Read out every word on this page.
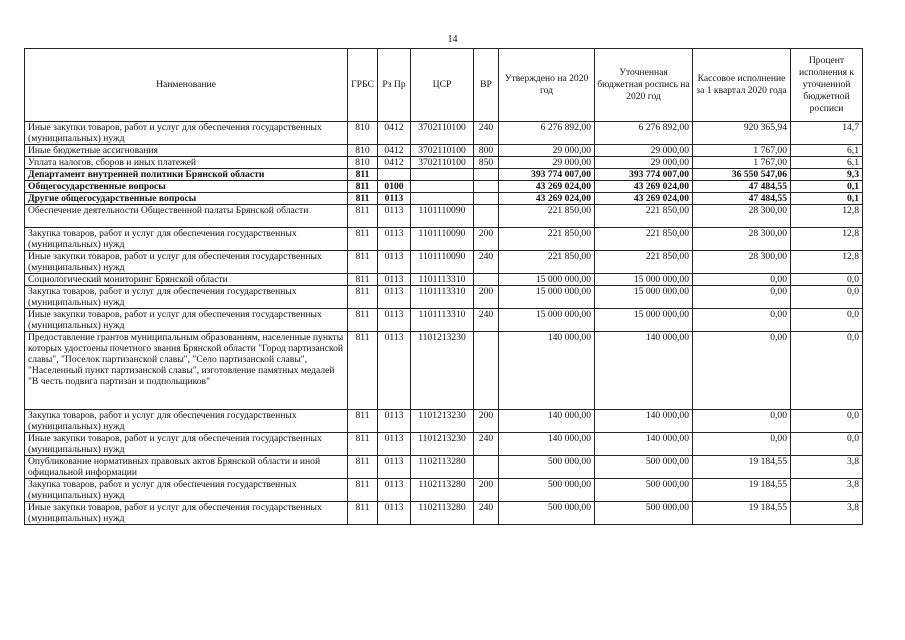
14
Наименование	ГРБС	Рз Пр	ЦСР	ВР	Утверждено на 2020 год	Уточненная бюджетная роспись на 2020 год	Кассовое исполнение за 1 квартал 2020 года	Процент исполнения к уточненной бюджетной росписи
Иные закупки товаров, работ и услуг для обеспечения государственных (муниципальных) нужд	810	0412	3702110100	240	6 276 892,00	6 276 892,00	920 365,94	14,7
Иные бюджетные ассигнования	810	0412	3702110100	800	29 000,00	29 000,00	1 767,00	6,1
Уплата налогов, сборов и иных платежей	810	0412	3702110100	850	29 000,00	29 000,00	1 767,00	6,1
Департамент внутренней политики Брянской области	811				393 774 007,00	393 774 007,00	36 550 547,06	9,3
Общегосударственные вопросы	811	0100			43 269 024,00	43 269 024,00	47 484,55	0,1
Другие общегосударственные вопросы	811	0113			43 269 024,00	43 269 024,00	47 484,55	0,1
Обеспечение деятельности Общественной палаты Брянской области	811	0113	1101110090		221 850,00	221 850,00	28 300,00	12,8
Закупка товаров, работ и услуг для обеспечения государственных (муниципальных) нужд	811	0113	1101110090	200	221 850,00	221 850,00	28 300,00	12,8
Иные закупки товаров, работ и услуг для обеспечения государственных (муниципальных) нужд	811	0113	1101110090	240	221 850,00	221 850,00	28 300,00	12,8
Социологический мониторинг Брянской области	811	0113	1101113310		15 000 000,00	15 000 000,00	0,00	0,0
Закупка товаров, работ и услуг для обеспечения государственных (муниципальных) нужд	811	0113	1101113310	200	15 000 000,00	15 000 000,00	0,00	0,0
Иные закупки товаров, работ и услуг для обеспечения государственных (муниципальных) нужд	811	0113	1101113310	240	15 000 000,00	15 000 000,00	0,00	0,0
Предоставление грантов муниципальным образованиям, населенные пункты которых удостоены почетного звания Брянской области "Город партизанской славы", "Поселок партизанской славы", "Село партизанской славы", "Населенный пункт партизанской славы", изготовление памятных медалей "В честь подвига партизан и подпольщиков"	811	0113	1101213230		140 000,00	140 000,00	0,00	0,0
Закупка товаров, работ и услуг для обеспечения государственных (муниципальных) нужд	811	0113	1101213230	200	140 000,00	140 000,00	0,00	0,0
Иные закупки товаров, работ и услуг для обеспечения государственных (муниципальных) нужд	811	0113	1101213230	240	140 000,00	140 000,00	0,00	0,0
Опубликование нормативных правовых актов Брянской области и иной официальной информации	811	0113	1102113280		500 000,00	500 000,00	19 184,55	3,8
Закупка товаров, работ и услуг для обеспечения государственных (муниципальных) нужд	811	0113	1102113280	200	500 000,00	500 000,00	19 184,55	3,8
Иные закупки товаров, работ и услуг для обеспечения государственных (муниципальных) нужд	811	0113	1102113280	240	500 000,00	500 000,00	19 184,55	3,8
